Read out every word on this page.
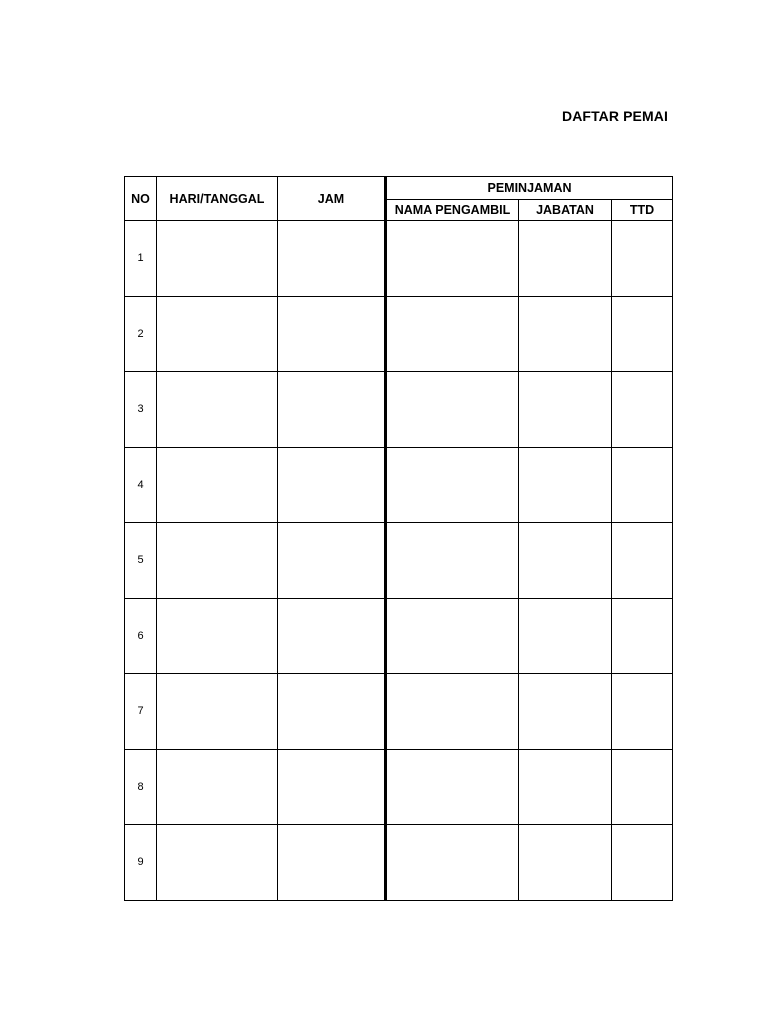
DAFTAR PEMAI
NO	HARI/TANGGAL	JAM	PEMINJAMAN		
			NAMA PENGAMBIL	JABATAN	TTD
1					
2					
3					
4					
5					
6					
7					
8					
9					
